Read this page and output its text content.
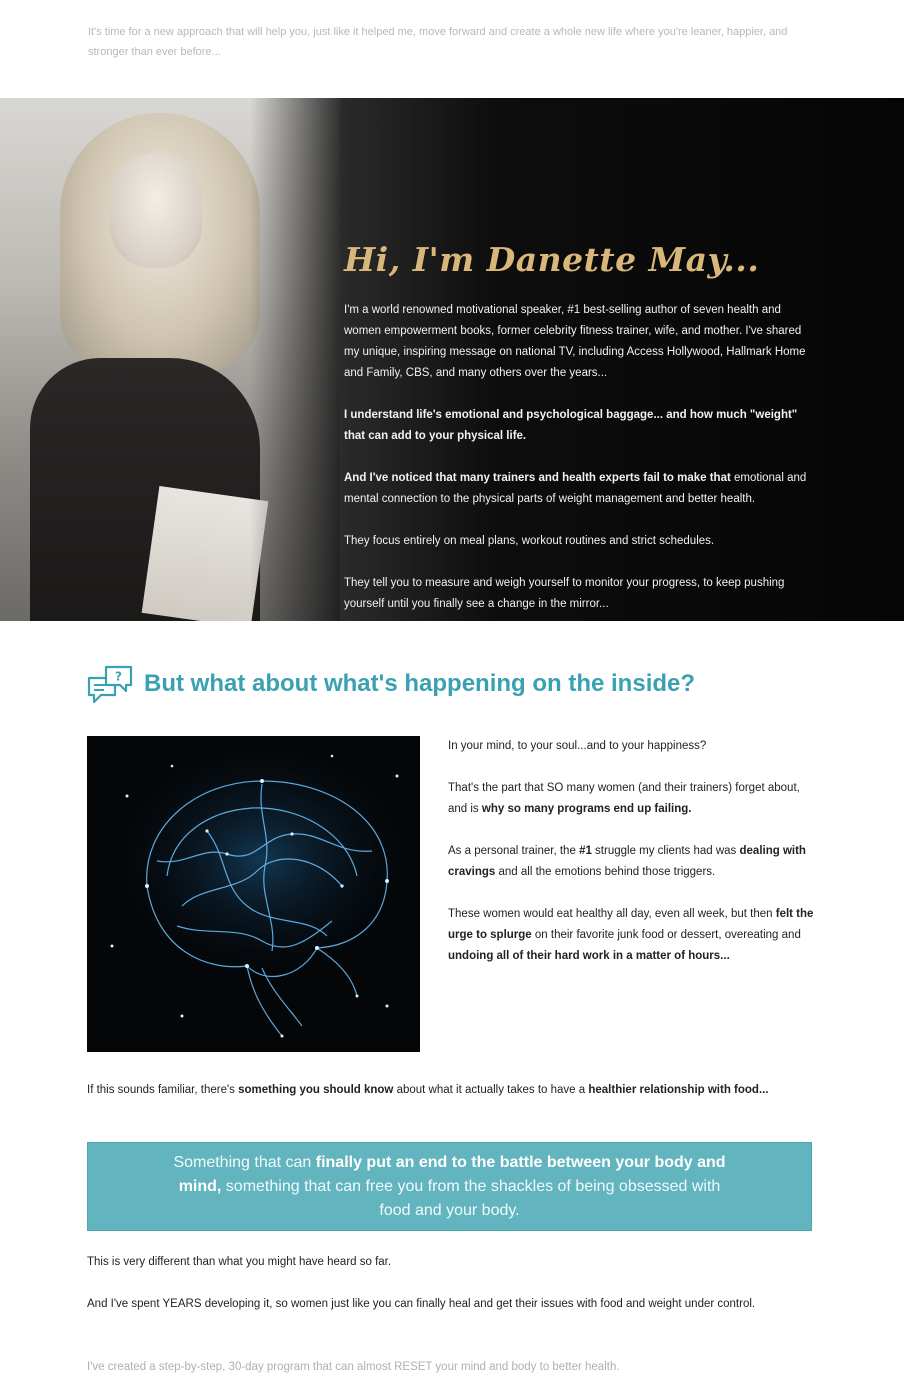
It's time for a new approach that will help you, just like it helped me, move forward and create a whole new life where you're leaner, happier, and stronger than ever before...

Hi, I'm Danette May...

I'm a world renowned motivational speaker, #1 best-selling author of seven health and women empowerment books, former celebrity fitness trainer, wife, and mother. I've shared my unique, inspiring message on national TV, including Access Hollywood, Hallmark Home and Family, CBS, and many others over the years...

I understand life's emotional and psychological baggage... and how much "weight" that can add to your physical life.

And I've noticed that many trainers and health experts fail to make that emotional and mental connection to the physical parts of weight management and better health.

They focus entirely on meal plans, workout routines and strict schedules.

They tell you to measure and weigh yourself to monitor your progress, to keep pushing yourself until you finally see a change in the mirror...

? But what about what's happening on the inside?

In your mind, to your soul...and to your happiness?

That's the part that SO many women (and their trainers) forget about, and is why so many programs end up failing.

As a personal trainer, the #1 struggle my clients had was dealing with cravings and all the emotions behind those triggers.

These women would eat healthy all day, even all week, but then felt the urge to splurge on their favorite junk food or dessert, overeating and undoing all of their hard work in a matter of hours...

If this sounds familiar, there's something you should know about what it actually takes to have a healthier relationship with food...

Something that can finally put an end to the battle between your body and mind, something that can free you from the shackles of being obsessed with food and your body.

This is very different than what you might have heard so far.

And I've spent YEARS developing it, so women just like you can finally heal and get their issues with food and weight under control.

I've created a step-by-step, 30-day program that can almost RESET your mind and body to better health.
